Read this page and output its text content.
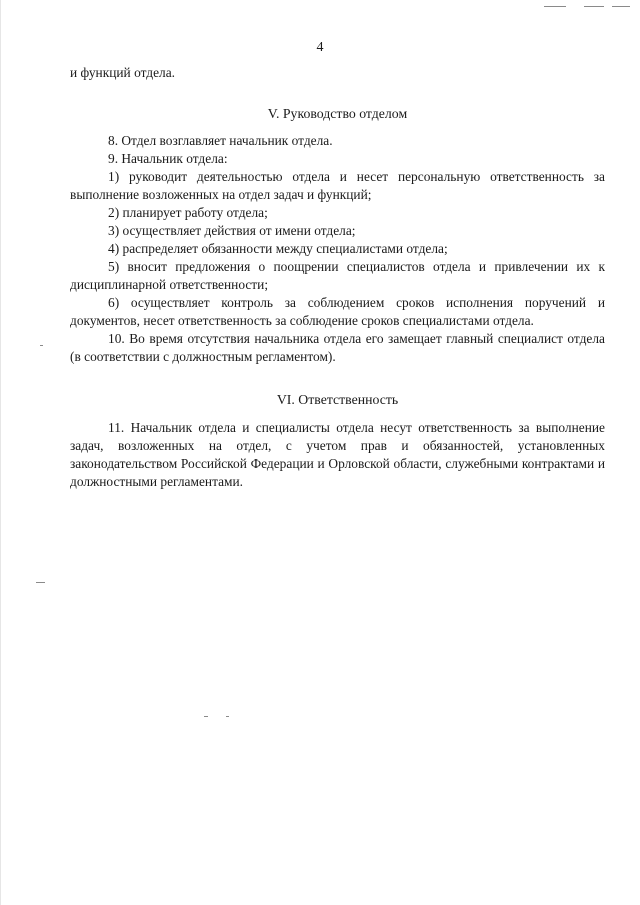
4

и функций отдела.

V. Руководство отделом

8. Отдел возглавляет начальник отдела.

9. Начальник отдела:

1) руководит деятельностью отдела и несет персональную ответственность за выполнение возложенных на отдел задач и функций;

2) планирует работу отдела;

3) осуществляет действия от имени отдела;

4) распределяет обязанности между специалистами отдела;

5) вносит предложения о поощрении специалистов отдела и привлечении их к дисциплинарной ответственности;

6) осуществляет контроль за соблюдением сроков исполнения поручений и документов, несет ответственность за соблюдение сроков специалистами отдела.

10. Во время отсутствия начальника отдела его замещает главный специалист отдела (в соответствии с должностным регламентом).

VI. Ответственность

11. Начальник отдела и специалисты отдела несут ответственность за выполнение задач, возложенных на отдел, с учетом прав и обязанностей, установленных законодательством Российской Федерации и Орловской области, служебными контрактами и должностными регламентами.
